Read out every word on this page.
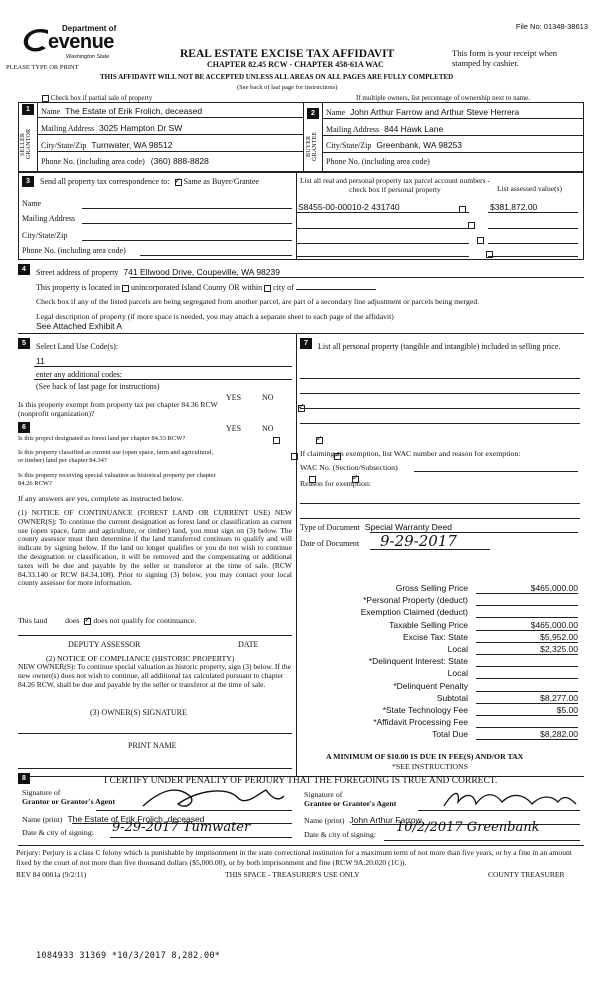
File No: 01348-38613
Department of
evenue
Washington State
PLEASE TYPE OR PRINT
REAL ESTATE EXCISE TAX AFFIDAVIT
CHAPTER 82.45 RCW - CHAPTER 458-61A WAC
This form is your receipt when stamped by cashier.
THIS AFFIDAVIT WILL NOT BE ACCEPTED UNLESS ALL AREAS ON ALL PAGES ARE FULLY COMPLETED
(See back of last page for instructions)
Check box if partial sale of property	If multiple owners, list percentage of ownership next to name.
1
SELLER GRANTOR
Name The Estate of Erik Frolich, deceased
Mailing Address 3025 Hampton Dr SW
City/State/Zip Turnwater, WA 98512
Phone No. (including area code) (360) 888-8828
2
BUYER GRANTEE
Name John Arthur Farrow and Arthur Steve Herrera
Mailing Address 844 Hawk Lane
City/State/Zip Greenbank, WA 98253
Phone No. (including area code)
3	Send all property tax correspondence to: ✓ Same as Buyer/Grantee
Name
Mailing Address
City/State/Zip
Phone No. (including area code)
List all real and personal property tax parcel account numbers - check box if personal property	List assessed value(s)
S8455-00-00010-2 431740	$381,872.00

4	Street address of property 741 Ellwood Drive, Coupeville, WA 98239
This property is located in unincorporated Island County OR within city of
Check box if any of the listed parcels are being segregated from another parcel, are part of a secondary line adjustment or parcels being merged.
Legal description of property (if more space is needed, you may attach a separate sheet to each page of the affidavit)
See Attached Exhibit A
5	Select Land Use Code(s):
11
enter any additional codes:
(See back of last page for instructions)
YES	NO
Is this property exempt from property tax per chapter 84.36 RCW (nonprofit organization)?
✓
6	YES	NO
Is this project designated as forest land per chapter 84.33 RCW?
✓
Is this property classified as current use (open space, farm and agricultural, or timber) land per chapter 84.34?
✓
Is this property receiving special valuation as historical property per chapter 84.26 RCW?
✓
If any answers are yes, complete as instructed below.
(1) NOTICE OF CONTINUANCE (FOREST LAND OR CURRENT USE) NEW OWNER(S): To continue the current designation as forest land or classification as current use (open space, farm and agriculture, or timber) land, you must sign on (3) below. The county assessor must then determine if the land transferred continues to qualify and will indicate by signing below. If the land no longer qualifies or you do not wish to continue the designation or classification, it will be removed and the compensating or additional taxes will be due and payable by the seller or transferor at the time of sale. (RCW 84.33.140 or RCW 84.34.108). Prior to signing (3) below, you may contact your local county assessor for more information.
This land does ✓ does not qualify for continuance.
DEPUTY ASSESSOR	DATE
(2) NOTICE OF COMPLIANCE (HISTORIC PROPERTY)
NEW OWNER(S): To continue special valuation as historic property, sign (3) below. If the new owner(s) does not wish to continue, all additional tax calculated pursuant to chapter 84.26 RCW, shall be due and payable by the seller or transferor at the time of sale.
(3) OWNER(S) SIGNATURE
PRINT NAME
7	List all personal property (tangible and intangible) included in selling price.
If claiming an exemption, list WAC number and reason for exemption:
WAC No. (Section/Subsection)
Reason for exemption:
Type of Document Special Warranty Deed
Date of Document 9-29-2017
Gross Selling Price	$465,000.00
*Personal Property (deduct)
Exemption Claimed (deduct)
Taxable Selling Price	$465,000.00
Excise Tax: State	$5,952.00
Local	$2,325.00
*Delinquent Interest: State
Local
*Delinquent Penalty
Subtotal	$8,277.00
*State Technology Fee	$5.00
*Affidavit Processing Fee
Total Due	$8,282.00
A MINIMUM OF $10.00 IS DUE IN FEE(S) AND/OR TAX
*SEE INSTRUCTIONS
8	I CERTIFY UNDER PENALTY OF PERJURY THAT THE FOREGOING IS TRUE AND CORRECT.
Signature of
Grantor or Grantor's Agent
Name (print) The Estate of Erik Frolich, deceased
Date & city of signing: 9-29-2017 Tumwater
Signature of
Grantee or Grantee's Agent
Name (print) John Arthur Farrow
Date & city of signing: 10/2/2017 Greenbank
Perjury: Perjury is a class C felony which is punishable by imprisonment in the state correctional institution for a maximum term of not more than five years, or by a fine in an amount fixed by the court of not more than five thousand dollars ($5,000.00), or by both imprisonment and fine (RCW 9A.20.020 (1C)).
REV 84 0001a (9/2/11)	THIS SPACE - TREASURER'S USE ONLY	COUNTY TREASURER
1084933 31369 *10/3/2017 8,282.00*
